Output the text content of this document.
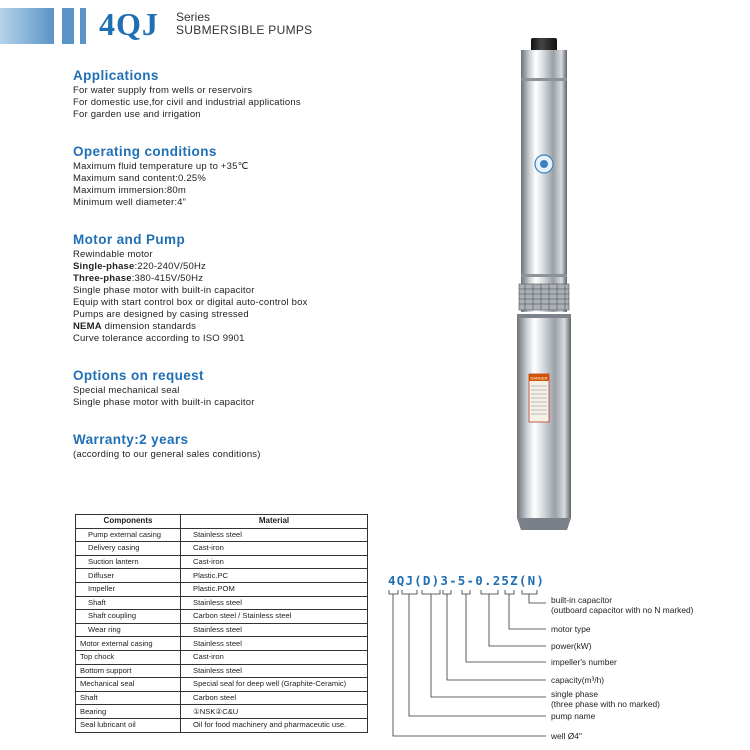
4QJ Series
SUBMERSIBLE PUMPS
Applications
For water supply from wells or reservoirs
For domestic use,for civil and industrial applications
For garden use and irrigation
Operating conditions
Maximum fluid temperature up to +35℃
Maximum sand content:0.25%
Maximum immersion:80m
Minimum well diameter:4”
Motor and Pump
Rewindable motor
Single-phase:220-240V/50Hz
Three-phase:380-415V/50Hz
Single phase motor with built-in capacitor
Equip with start control box or digital auto-control box
Pumps are designed by casing stressed
NEMA dimension standards
Curve tolerance according to ISO 9901
Options on request
Special mechanical seal
Single phase motor with built-in capacitor
Warranty:2 years
(according to our general sales conditions)
DANGER
Components	Material
Pump external casing	Stainless steel
Delivery casing	Cast-iron
Suction lantern	Cast-iron
Diffuser	Plastic.PC
Impeller	Plastic.POM
Shaft	Stainless steel
Shaft coupling	Carbon steel / Stainless steel
Wear ring	Stainless steel
Motor external casing	Stainless steel
Top chock	Cast-iron
Bottom support	Stainless steel
Mechanical seal	Special seal for deep well (Graphite-Ceramic)
Shaft	Carbon steel
Bearing	①NSK②C&U
Seal lubricant oil	Oil for food machinery and pharmaceutic use.
4QJ(D)3-5-0.25Z(N)
built-in capacitor
(outboard capacitor with no N marked)
motor type
power(kW)
impeller's number
capacity(m³/h)
single phase
(three phase with no marked)
pump name
well Ø4"
